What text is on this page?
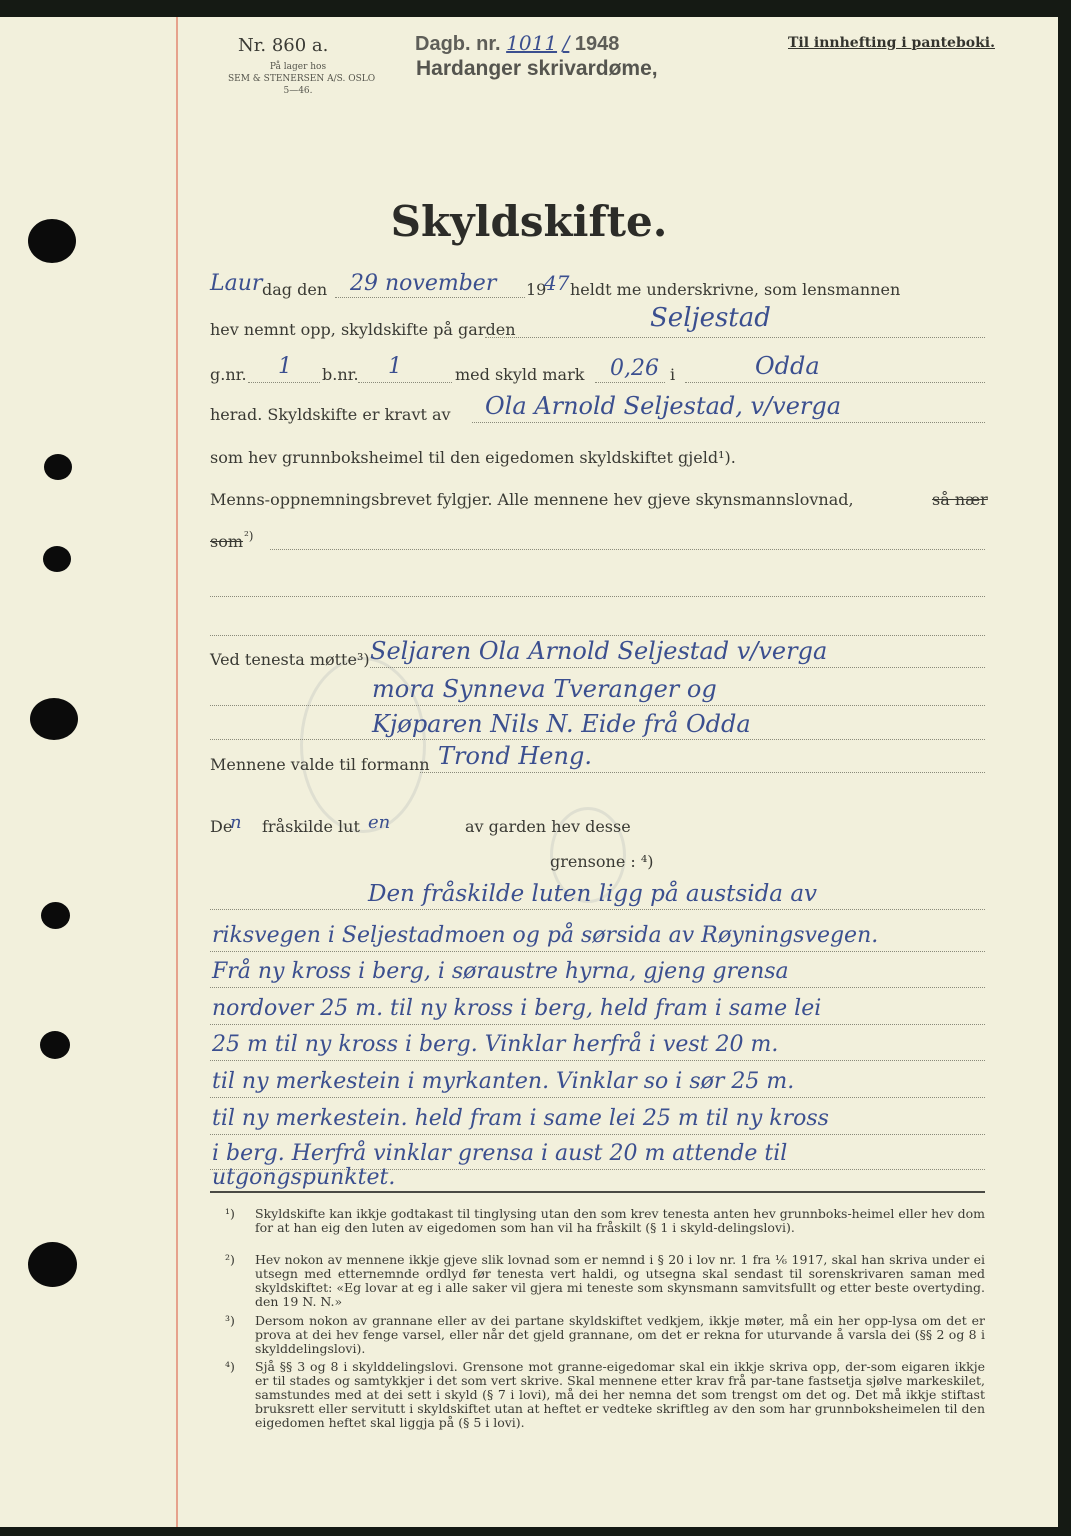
Nr. 860 a.
På lager hos
SEM & STENERSEN A/S. OSLO
5—46.
Dagb. nr. 1011 / 1948
Hardanger skrivardøme,
Til innhefting i panteboki.
Skyldskifte.
Laur dag den 29 november 19
47 heldt me underskrivne, som lensmannen
hev nemnt opp, skyldskifte på garden	Seljestad
g.nr. 1 b.nr. 1	med skyld mark 0,26 i	Odda
herad. Skyldskifte er kravt av Ola Arnold Seljestad, v/verga
som hev grunnboksheimel til den eigedomen skyldskiftet gjeld¹).
Menns-oppnemningsbrevet fylgjer. Alle mennene hev gjeve skynsmannslovnad,	så nær
som ²)
Ved tenesta møtte³) Seljaren Ola Arnold Seljestad v/verga
mora Synneva Tveranger og
Kjøparen Nils N. Eide frå Odda
Mennene valde til formann Trond Heng.
De
n fråskilde lut en	av garden hev desse
grensone : ⁴)
Den fråskilde luten ligg på austsida av
riksvegen i Seljestadmoen og på sørsida av Røyningsvegen.
Frå ny kross i berg, i søraustre hyrna, gjeng grensa
nordover 25 m. til ny kross i berg, held fram i same lei
25 m til ny kross i berg. Vinklar herfrå i vest 20 m.
til ny merkestein i myrkanten. Vinklar so i sør 25 m.
til ny merkestein. held fram i same lei 25 m til ny kross
i berg. Herfrå vinklar grensa i aust 20 m attende til
utgongspunktet.
¹) Skyldskifte kan ikkje godtakast til tinglysing utan den som krev tenesta anten hev grunnboks-heimel eller hev dom for at han eig den luten av eigedomen som han vil ha fråskilt (§ 1 i skyld-delingslovi).
²) Hev nokon av mennene ikkje gjeve slik lovnad som er nemnd i § 20 i lov nr. 1 fra ⅙ 1917, skal han skriva under ei utsegn med etternemnde ordlyd før tenesta vert haldi, og utsegna skal sendast til sorenskrivaren saman med skyldskiftet: «Eg lovar at eg i alle saker vil gjera mi teneste som skynsmann samvitsfullt og etter beste overtyding. den 19 N. N.»
³) Dersom nokon av grannane eller av dei partane skyldskiftet vedkjem, ikkje møter, må ein her opp-lysa om det er prova at dei hev fenge varsel, eller når det gjeld grannane, om det er rekna for uturvande å varsla dei (§§ 2 og 8 i skylddelingslovi).
⁴) Sjå §§ 3 og 8 i skylddelingslovi. Grensone mot granne-eigedomar skal ein ikkje skriva opp, der-som eigaren ikkje er til stades og samtykkjer i det som vert skrive. Skal mennene etter krav frå par-tane fastsetja sjølve markeskilet, samstundes med at dei sett i skyld (§ 7 i lovi), må dei her nemna det som trengst om det og. Det må ikkje stiftast bruksrett eller servitutt i skyldskiftet utan at heftet er vedteke skriftleg av den som har grunnboksheimelen til den eigedomen heftet skal liggja på (§ 5 i lovi).
